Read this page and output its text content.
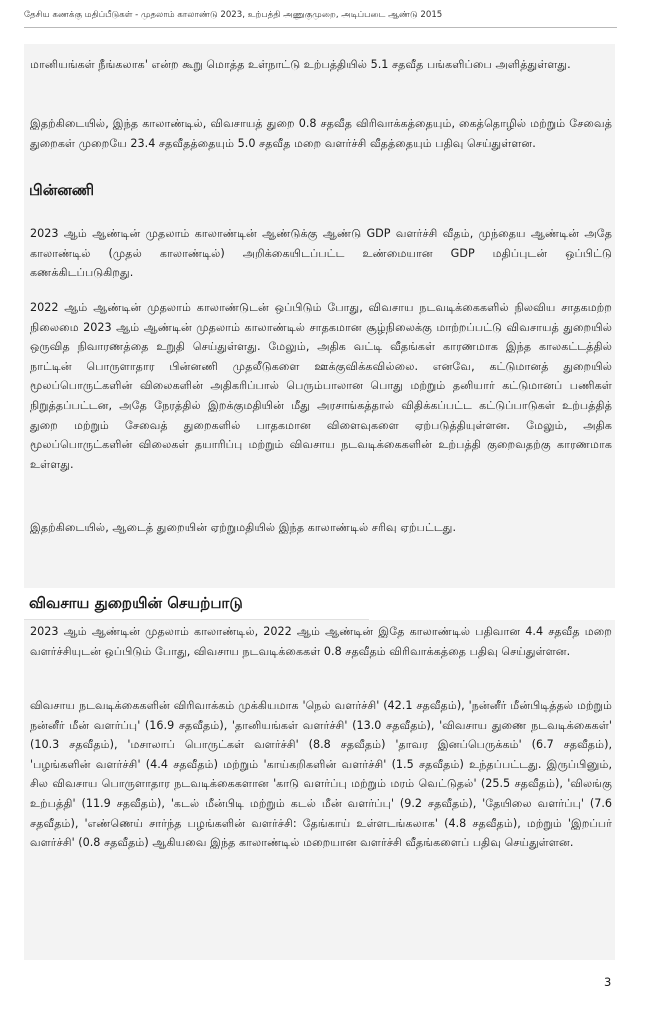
தேசிய கணக்கு மதிப்பீடுகள் - முதலாம் காலாண்டு 2023, உற்பத்தி அணுகுமுறை, அடிப்படை ஆண்டு 2015

மானியங்கள் நீங்கலாக' என்ற கூறு மொத்த உள்நாட்டு உற்பத்தியில் 5.1 சதவீத பங்களிப்பை அளித்துள்ளது.

இதற்கிடையில், இந்த காலாண்டில், விவசாயத் துறை 0.8 சதவீத விரிவாக்கத்தையும், கைத்தொழில் மற்றும் சேவைத் துறைகள் முறையே 23.4 சதவீதத்தையும் 5.0 சதவீத மறை வளர்ச்சி வீதத்தையும் பதிவு செய்துள்ளன.

பின்னணி

2023 ஆம் ஆண்டின் முதலாம் காலாண்டின் ஆண்டுக்கு ஆண்டு GDP வளர்ச்சி வீதம், முந்தைய ஆண்டின் அதே காலாண்டில் (முதல் காலாண்டில்) அறிக்கையிடப்பட்ட உண்மையான GDP மதிப்புடன் ஒப்பிட்டு கணக்கிடப்படுகிறது.

2022 ஆம் ஆண்டின் முதலாம் காலாண்டுடன் ஒப்பிடும் போது, விவசாய நடவடிக்கைகளில் நிலவிய சாதகமற்ற நிலைமை 2023 ஆம் ஆண்டின் முதலாம் காலாண்டில் சாதகமான சூழ்நிலைக்கு மாற்றப்பட்டு விவசாயத் துறையில் ஒருவித நிவாரணத்தை உறுதி செய்துள்ளது. மேலும், அதிக வட்டி வீதங்கள் காரணமாக இந்த காலகட்டத்தில் நாட்டின் பொருளாதார பின்னணி முதலீடுகளை ஊக்குவிக்கவில்லை. எனவே, கட்டுமானத் துறையில் மூலப்பொருட்களின் விலைகளின் அதிகரிப்பால் பெரும்பாலான பொது மற்றும் தனியார் கட்டுமானப் பணிகள் நிறுத்தப்பட்டன, அதே நேரத்தில் இறக்குமதியின் மீது அரசாங்கத்தால் விதிக்கப்பட்ட கட்டுப்பாடுகள் உற்பத்தித் துறை மற்றும் சேவைத் துறைகளில் பாதகமான விளைவுகளை ஏற்படுத்தியுள்ளன. மேலும், அதிக மூலப்பொருட்களின் விலைகள் தயாரிப்பு மற்றும் விவசாய நடவடிக்கைகளின் உற்பத்தி குறைவதற்கு காரணமாக உள்ளது.

இதற்கிடையில், ஆடைத் துறையின் ஏற்றுமதியில் இந்த காலாண்டில் சரிவு ஏற்பட்டது.

விவசாய துறையின் செயற்பாடு

2023 ஆம் ஆண்டின் முதலாம் காலாண்டில், 2022 ஆம் ஆண்டின் இதே காலாண்டில் பதிவான 4.4 சதவீத மறை வளர்ச்சியுடன் ஒப்பிடும் போது, விவசாய நடவடிக்கைகள் 0.8 சதவீதம் விரிவாக்கத்தை பதிவு செய்துள்ளன.

விவசாய நடவடிக்கைகளின் விரிவாக்கம் முக்கியமாக 'நெல் வளர்ச்சி' (42.1 சதவீதம்), 'நன்னீர் மீன்பிடித்தல் மற்றும் நன்னீர் மீன் வளர்ப்பு' (16.9 சதவீதம்), 'தானியங்கள் வளர்ச்சி' (13.0 சதவீதம்), 'விவசாய துணை நடவடிக்கைகள்' (10.3 சதவீதம்), 'மசாலாப் பொருட்கள் வளர்ச்சி' (8.8 சதவீதம்) 'தாவர இனப்பெருக்கம்' (6.7 சதவீதம்), 'பழங்களின் வளர்ச்சி' (4.4 சதவீதம்) மற்றும் 'காய்கறிகளின் வளர்ச்சி' (1.5 சதவீதம்) உந்தப்பட்டது. இருப்பினும், சில விவசாய பொருளாதார நடவடிக்கைகளான 'காடு வளர்ப்பு மற்றும் மரம் வெட்டுதல்' (25.5 சதவீதம்), 'விலங்கு உற்பத்தி' (11.9 சதவீதம்), 'கடல் மீன்பிடி மற்றும் கடல் மீன் வளர்ப்பு' (9.2 சதவீதம்), 'தேயிலை வளர்ப்பு' (7.6 சதவீதம்), 'எண்ணெய் சார்ந்த பழங்களின் வளர்ச்சி: தேங்காய் உள்ளடங்கலாக' (4.8 சதவீதம்), மற்றும் 'இறப்பர் வளர்ச்சி' (0.8 சதவீதம்) ஆகியவை இந்த காலாண்டில் மறையான வளர்ச்சி வீதங்களைப் பதிவு செய்துள்ளன.

3
